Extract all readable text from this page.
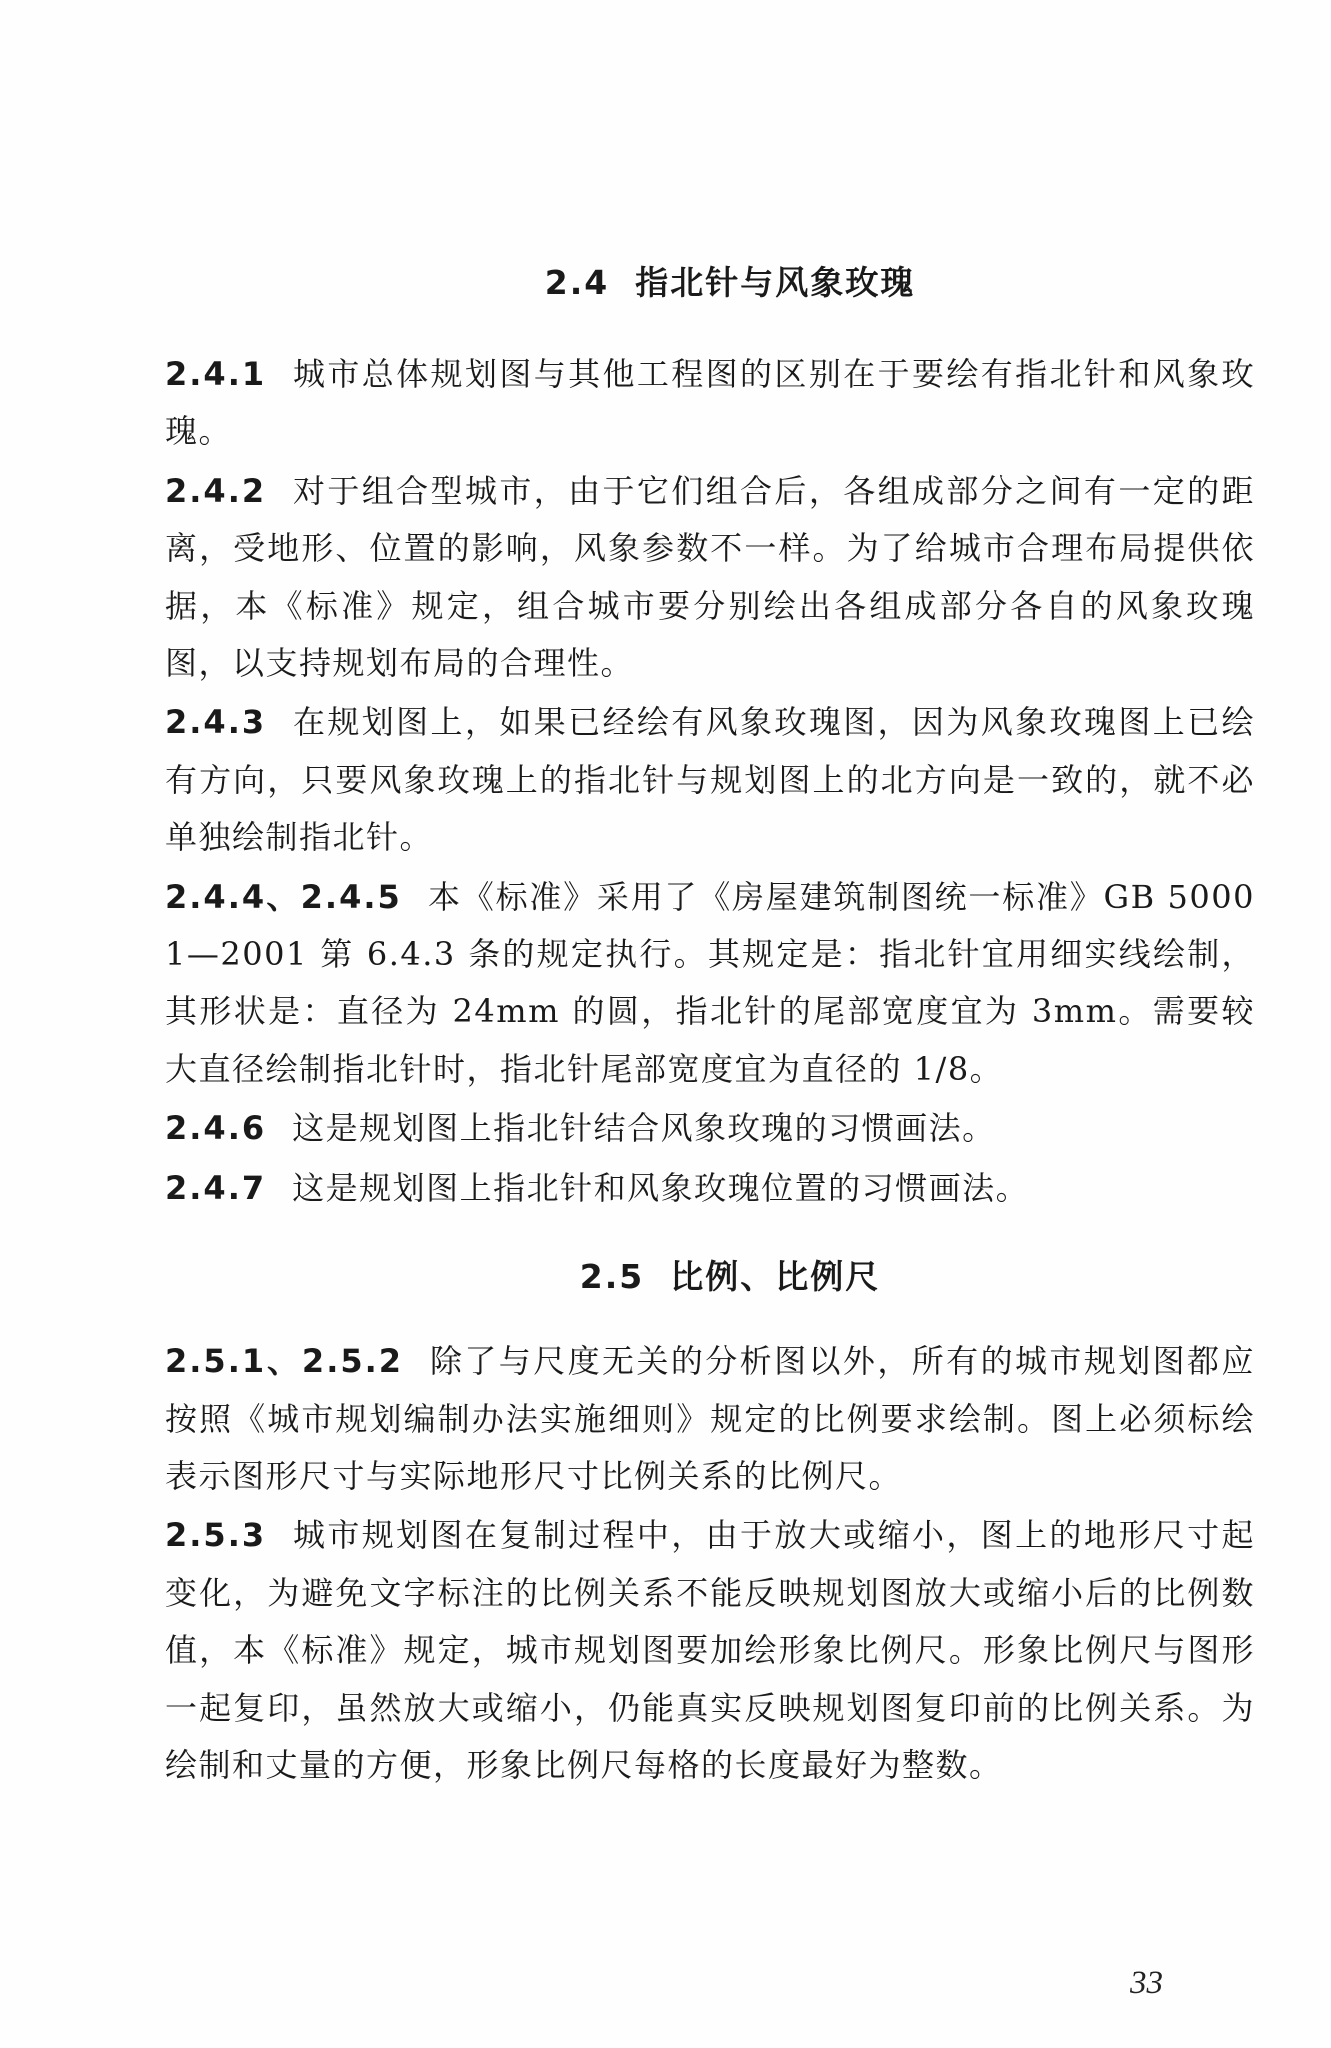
2.4 指北针与风象玫瑰

2.4.1 城市总体规划图与其他工程图的区别在于要绘有指北针和风象玫瑰。

2.4.2 对于组合型城市，由于它们组合后，各组成部分之间有一定的距离，受地形、位置的影响，风象参数不一样。为了给城市合理布局提供依据，本《标准》规定，组合城市要分别绘出各组成部分各自的风象玫瑰图，以支持规划布局的合理性。

2.4.3 在规划图上，如果已经绘有风象玫瑰图，因为风象玫瑰图上已绘有方向，只要风象玫瑰上的指北针与规划图上的北方向是一致的，就不必单独绘制指北针。

2.4.4、2.4.5 本《标准》采用了《房屋建筑制图统一标准》GB 50001—2001 第 6.4.3 条的规定执行。其规定是：指北针宜用细实线绘制，其形状是：直径为 24mm 的圆，指北针的尾部宽度宜为 3mm。需要较大直径绘制指北针时，指北针尾部宽度宜为直径的 1/8。

2.4.6 这是规划图上指北针结合风象玫瑰的习惯画法。

2.4.7 这是规划图上指北针和风象玫瑰位置的习惯画法。

2.5 比例、比例尺

2.5.1、2.5.2 除了与尺度无关的分析图以外，所有的城市规划图都应按照《城市规划编制办法实施细则》规定的比例要求绘制。图上必须标绘表示图形尺寸与实际地形尺寸比例关系的比例尺。

2.5.3 城市规划图在复制过程中，由于放大或缩小，图上的地形尺寸起变化，为避免文字标注的比例关系不能反映规划图放大或缩小后的比例数值，本《标准》规定，城市规划图要加绘形象比例尺。形象比例尺与图形一起复印，虽然放大或缩小，仍能真实反映规划图复印前的比例关系。为绘制和丈量的方便，形象比例尺每格的长度最好为整数。

33
